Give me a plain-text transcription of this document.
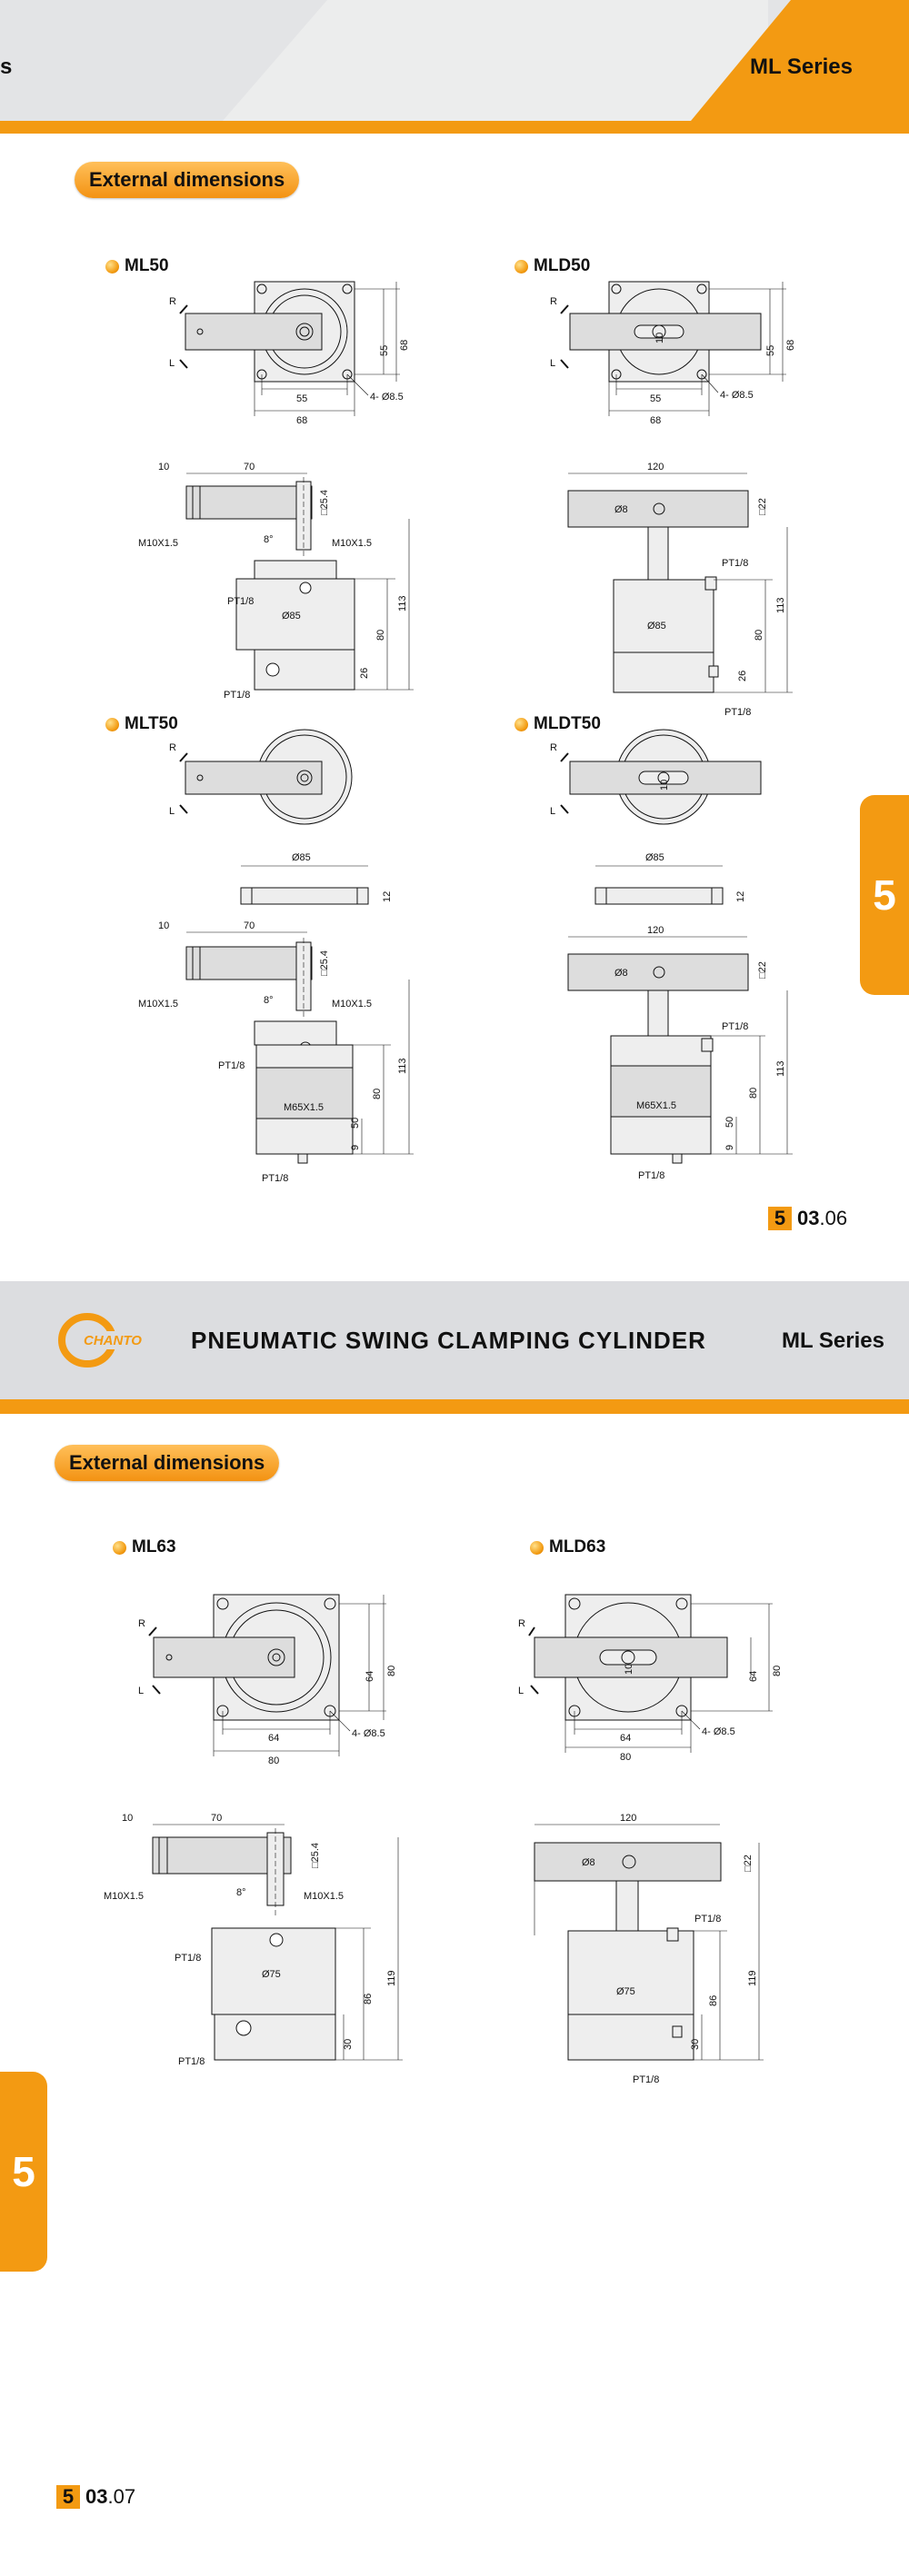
s	ML Series
External dimensions
ML50	MLD50
MLT50	MLDT50
R
L
55 68
55
68
4- Ø8.5
R
L
10
55 68
55
68
4- Ø8.5
10	70
□25.4
M10X1.5	M10X1.5
8°
PT1/8
Ø85
PT1/8
80
113
26
120
Ø8	□22
PT1/8
Ø85
PT1/8
80
113
26
R
L
10
R
L
Ø85
12
Ø85
12
10	70
□25.4
M10X1.5	M10X1.5
8°
PT1/8
M65X1.5
PT1/8
80
113
50
9
120
Ø8	□22
PT1/8
M65X1.5
PT1/8
80
113
50
9
5
5 03.06
CHANTO PNEUMATIC SWING CLAMPING CYLINDER	ML Series
External dimensions
ML63	MLD63
R
L
64 80
64
80
4- Ø8.5
10
R
L
64 80
64
80
4- Ø8.5
10	70
□25.4
M10X1.5	M10X1.5
8°
PT1/8
Ø75
PT1/8
86
119
30
120
Ø8	□22
PT1/8
Ø75
PT1/8
86
119
30
5
5 03.07
